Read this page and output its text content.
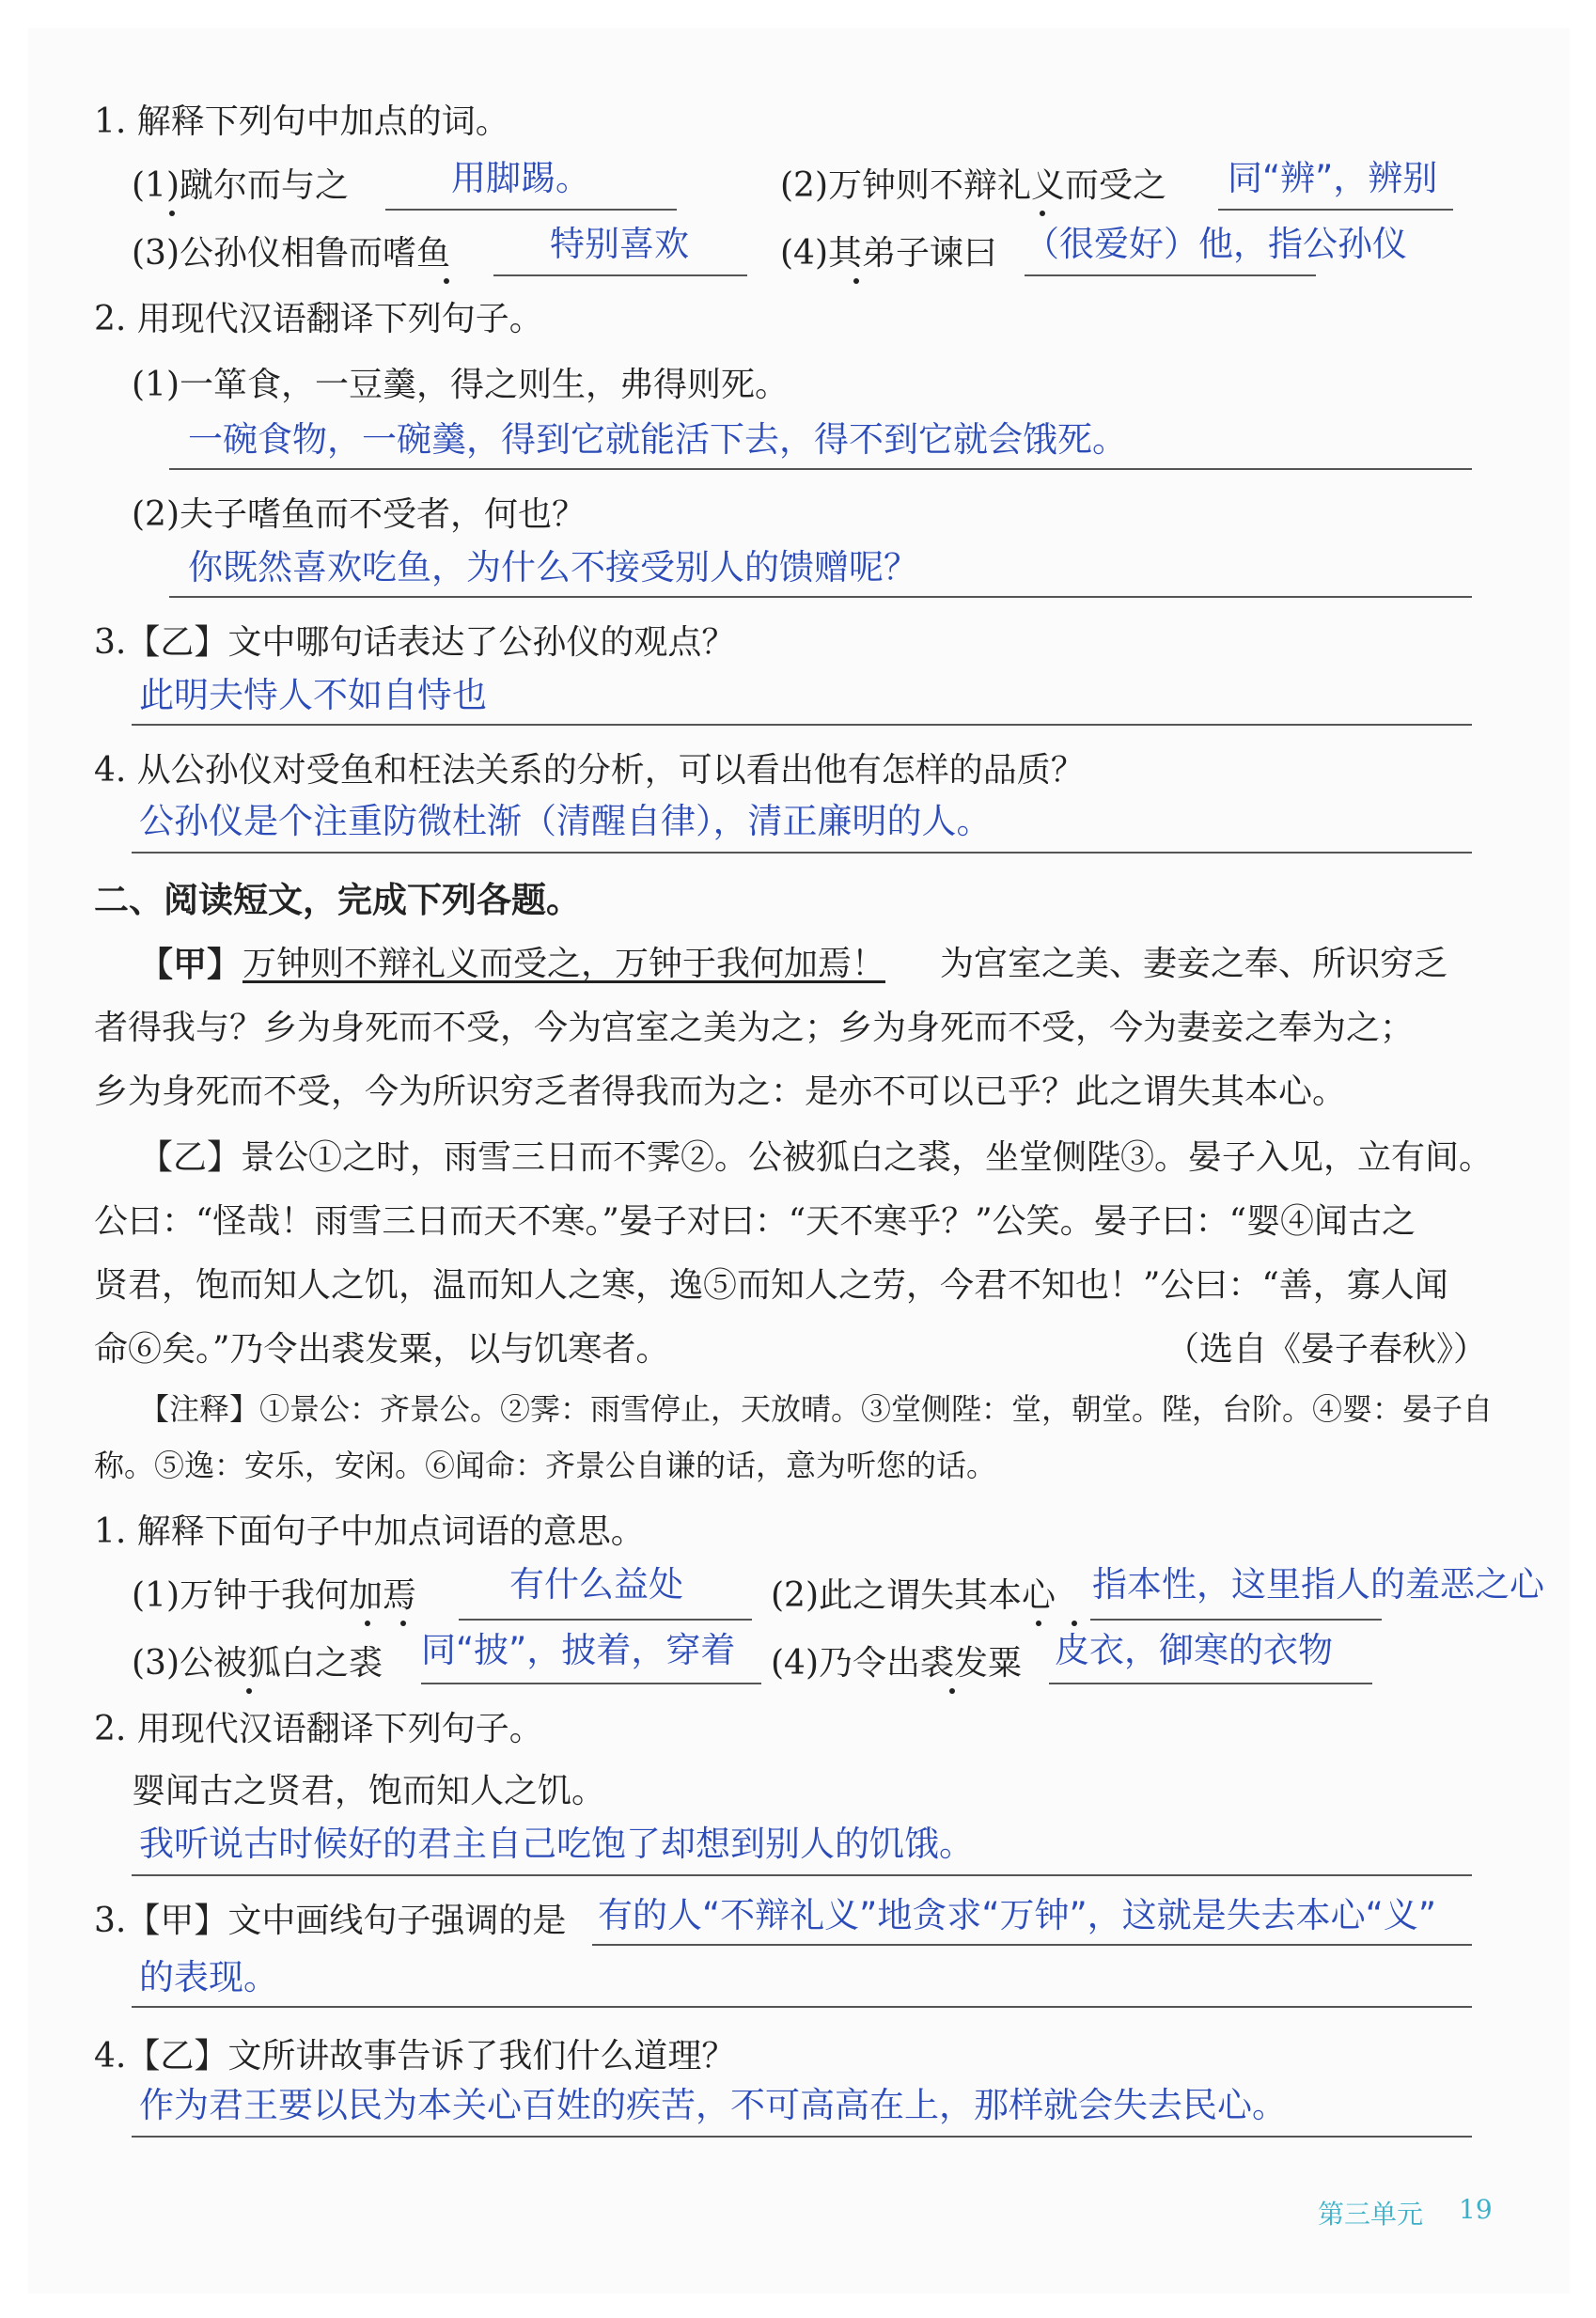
1. 解释下列句中加点的词。
(1)蹴尔而与之	用脚踢。	(2)万钟则不辩礼义而受之 同“辨”，辨别
(3)公孙仪相鲁而嗜鱼	特别喜欢	(4)其弟子谏曰 （很爱好）他，指公孙仪
2. 用现代汉语翻译下列句子。
(1)一箪食，一豆羹，得之则生，弗得则死。
一碗食物，一碗羹，得到它就能活下去，得不到它就会饿死。
(2)夫子嗜鱼而不受者，何也？
你既然喜欢吃鱼，为什么不接受别人的馈赠呢？
3.【乙】文中哪句话表达了公孙仪的观点？
此明夫恃人不如自恃也
4. 从公孙仪对受鱼和枉法关系的分析，可以看出他有怎样的品质？
公孙仪是个注重防微杜渐（清醒自律），清正廉明的人。
二、阅读短文，完成下列各题。
【甲】 万钟则不辩礼义而受之，万钟于我何加焉！ 为宫室之美、妻妾之奉、所识穷乏
者得我与？乡为身死而不受，今为宫室之美为之；乡为身死而不受，今为妻妾之奉为之；
乡为身死而不受，今为所识穷乏者得我而为之：是亦不可以已乎？此之谓失其本心。
【乙】景公①之时，雨雪三日而不霁②。公被狐白之裘，坐堂侧陛③。晏子入见，立有间。
公曰：“怪哉！雨雪三日而天不寒。”晏子对曰：“天不寒乎？”公笑。晏子曰：“婴④闻古之
贤君，饱而知人之饥，温而知人之寒，逸⑤而知人之劳，今君不知也！”公曰：“善，寡人闻
命⑥矣。”乃令出裘发粟，以与饥寒者。	（选自《晏子春秋》）
【注释】①景公：齐景公。②霁：雨雪停止，天放晴。③堂侧陛：堂，朝堂。陛，台阶。④婴：晏子自
称。⑤逸：安乐，安闲。⑥闻命：齐景公自谦的话，意为听您的话。
1. 解释下面句子中加点词语的意思。
(1)万钟于我何加焉	有什么益处	(2)此之谓失其本心 指本性，这里指人的羞恶之心
(3)公被狐白之裘 同“披”，披着，穿着 (4)乃令出裘发粟 皮衣，御寒的衣物
2. 用现代汉语翻译下列句子。
婴闻古之贤君，饱而知人之饥。
我听说古时候好的君主自己吃饱了却想到别人的饥饿。
3.【甲】文中画线句子强调的是 有的人“不辩礼义”地贪求“万钟”，这就是失去本心“义”
的表现。
4.【乙】文所讲故事告诉了我们什么道理？
作为君王要以民为本关心百姓的疾苦，不可高高在上，那样就会失去民心。
第三单元 19
